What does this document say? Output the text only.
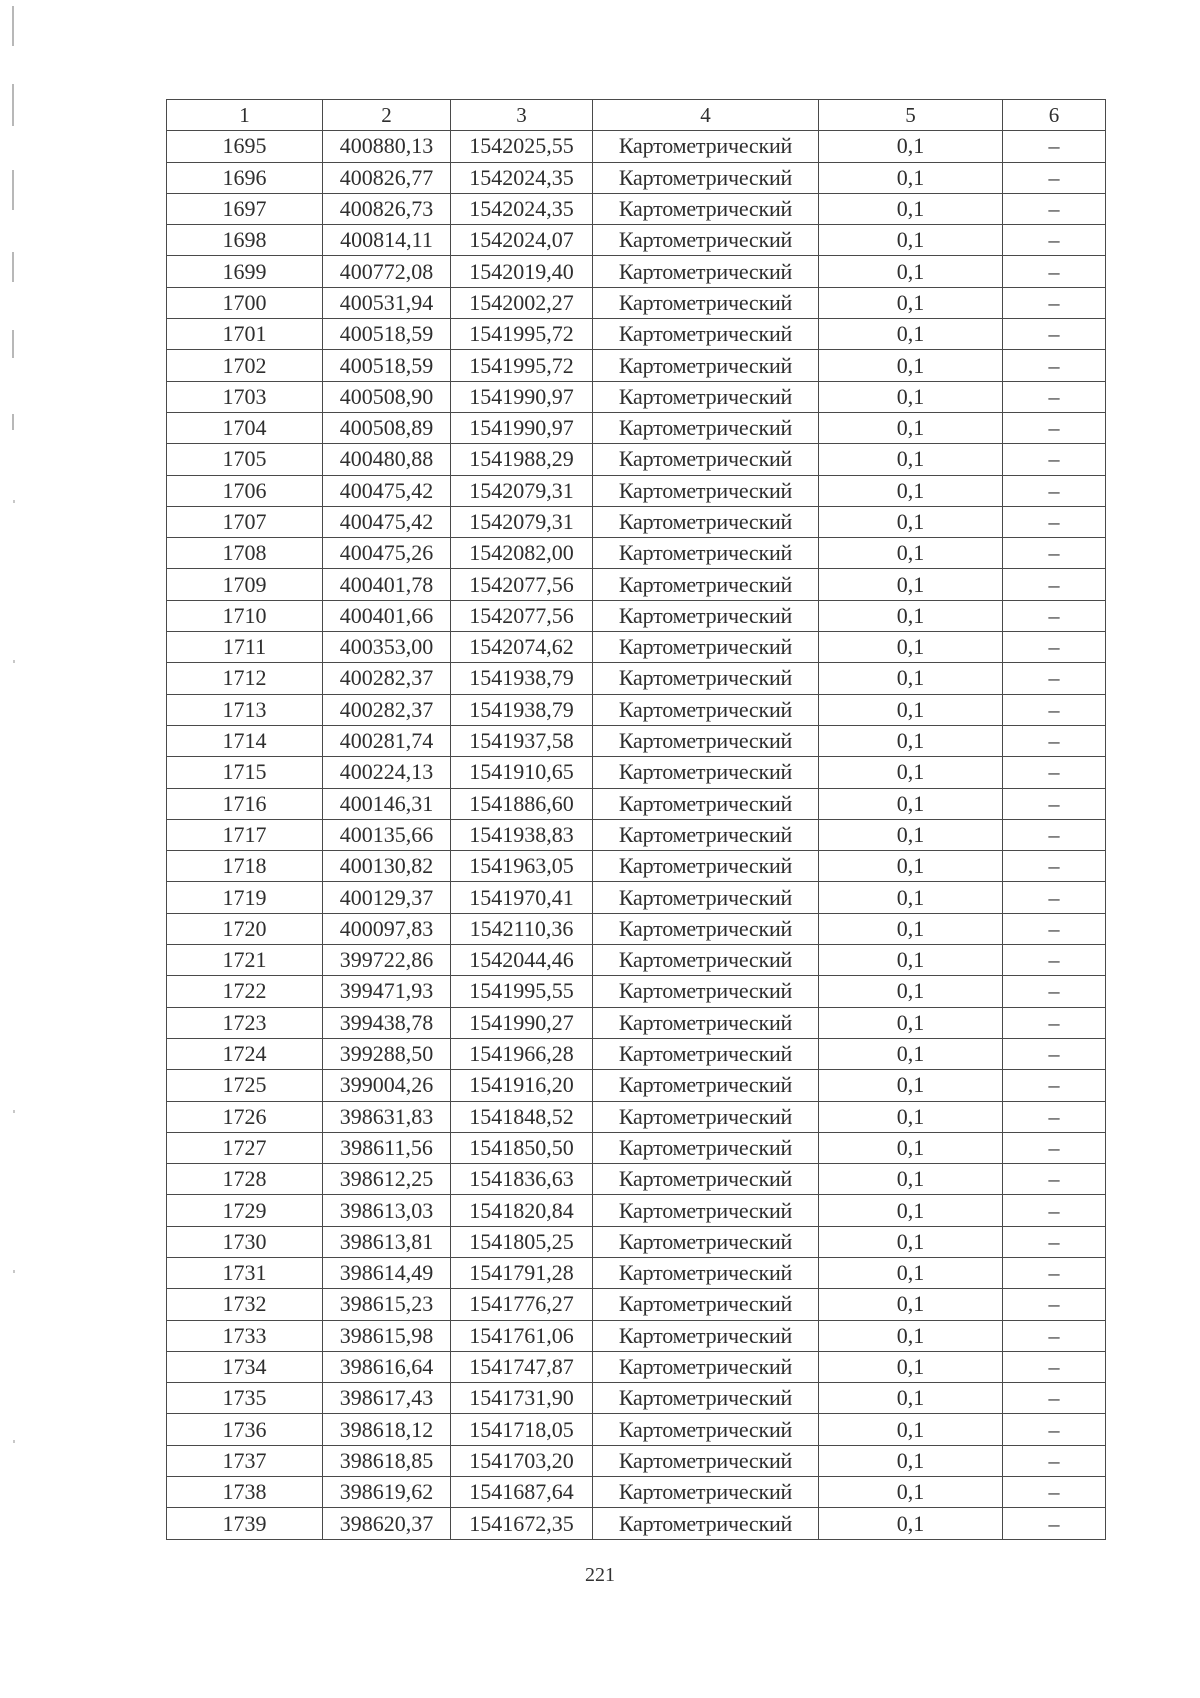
1	2	3	4	5	6
1695	400880,13	1542025,55	Картометрический	0,1	–
1696	400826,77	1542024,35	Картометрический	0,1	–
1697	400826,73	1542024,35	Картометрический	0,1	–
1698	400814,11	1542024,07	Картометрический	0,1	–
1699	400772,08	1542019,40	Картометрический	0,1	–
1700	400531,94	1542002,27	Картометрический	0,1	–
1701	400518,59	1541995,72	Картометрический	0,1	–
1702	400518,59	1541995,72	Картометрический	0,1	–
1703	400508,90	1541990,97	Картометрический	0,1	–
1704	400508,89	1541990,97	Картометрический	0,1	–
1705	400480,88	1541988,29	Картометрический	0,1	–
1706	400475,42	1542079,31	Картометрический	0,1	–
1707	400475,42	1542079,31	Картометрический	0,1	–
1708	400475,26	1542082,00	Картометрический	0,1	–
1709	400401,78	1542077,56	Картометрический	0,1	–
1710	400401,66	1542077,56	Картометрический	0,1	–
1711	400353,00	1542074,62	Картометрический	0,1	–
1712	400282,37	1541938,79	Картометрический	0,1	–
1713	400282,37	1541938,79	Картометрический	0,1	–
1714	400281,74	1541937,58	Картометрический	0,1	–
1715	400224,13	1541910,65	Картометрический	0,1	–
1716	400146,31	1541886,60	Картометрический	0,1	–
1717	400135,66	1541938,83	Картометрический	0,1	–
1718	400130,82	1541963,05	Картометрический	0,1	–
1719	400129,37	1541970,41	Картометрический	0,1	–
1720	400097,83	1542110,36	Картометрический	0,1	–
1721	399722,86	1542044,46	Картометрический	0,1	–
1722	399471,93	1541995,55	Картометрический	0,1	–
1723	399438,78	1541990,27	Картометрический	0,1	–
1724	399288,50	1541966,28	Картометрический	0,1	–
1725	399004,26	1541916,20	Картометрический	0,1	–
1726	398631,83	1541848,52	Картометрический	0,1	–
1727	398611,56	1541850,50	Картометрический	0,1	–
1728	398612,25	1541836,63	Картометрический	0,1	–
1729	398613,03	1541820,84	Картометрический	0,1	–
1730	398613,81	1541805,25	Картометрический	0,1	–
1731	398614,49	1541791,28	Картометрический	0,1	–
1732	398615,23	1541776,27	Картометрический	0,1	–
1733	398615,98	1541761,06	Картометрический	0,1	–
1734	398616,64	1541747,87	Картометрический	0,1	–
1735	398617,43	1541731,90	Картометрический	0,1	–
1736	398618,12	1541718,05	Картометрический	0,1	–
1737	398618,85	1541703,20	Картометрический	0,1	–
1738	398619,62	1541687,64	Картометрический	0,1	–
1739	398620,37	1541672,35	Картометрический	0,1	–
221
